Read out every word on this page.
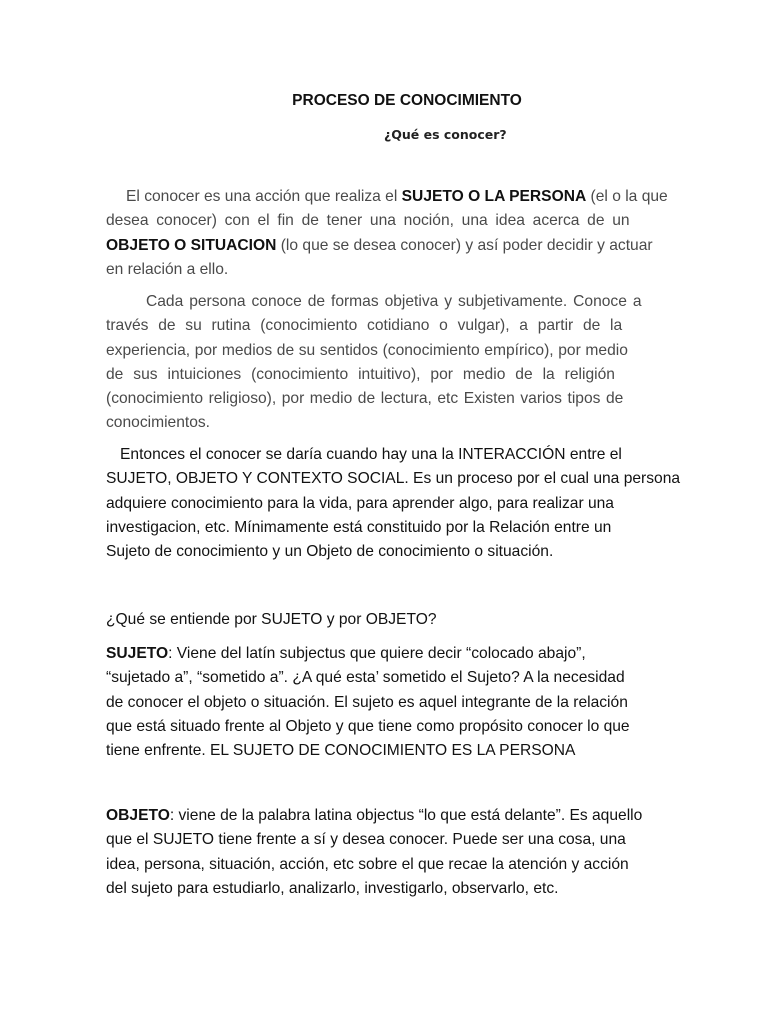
PROCESO DE CONOCIMIENTO
¿Qué es conocer?
El conocer es una acción que realiza el SUJETO O LA PERSONA (el o la que
desea conocer) con el fin de tener una noción, una idea acerca de un
OBJETO O SITUACION (lo que se desea conocer) y así poder decidir y actuar
en relación a ello.
Cada persona conoce de formas objetiva y subjetivamente. Conoce a
través de su rutina (conocimiento cotidiano o vulgar), a partir de la
experiencia, por medios de su sentidos (conocimiento empírico), por medio
de sus intuiciones (conocimiento intuitivo), por medio de la religión
(conocimiento religioso), por medio de lectura, etc Existen varios tipos de
conocimientos.
Entonces el conocer se daría cuando hay una la INTERACCIÓN entre el
SUJETO, OBJETO Y CONTEXTO SOCIAL. Es un proceso por el cual una persona
adquiere conocimiento para la vida, para aprender algo, para realizar una
investigacion, etc. Mínimamente está constituido por la Relación entre un
Sujeto de conocimiento y un Objeto de conocimiento o situación.
¿Qué se entiende por SUJETO y por OBJETO?
SUJETO: Viene del latín subjectus que quiere decir “colocado abajo”,
“sujetado a”, “sometido a”. ¿A qué esta’ sometido el Sujeto? A la necesidad
de conocer el objeto o situación. El sujeto es aquel integrante de la relación
que está situado frente al Objeto y que tiene como propósito conocer lo que
tiene enfrente. EL SUJETO DE CONOCIMIENTO ES LA PERSONA
OBJETO: viene de la palabra latina objectus “lo que está delante”. Es aquello
que el SUJETO tiene frente a sí y desea conocer. Puede ser una cosa, una
idea, persona, situación, acción, etc sobre el que recae la atención y acción
del sujeto para estudiarlo, analizarlo, investigarlo, observarlo, etc.
